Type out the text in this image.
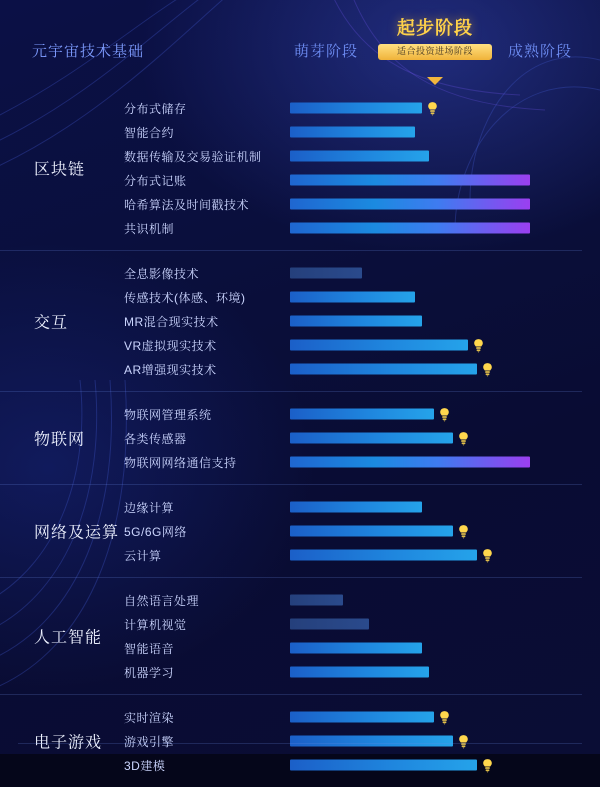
元宇宙技术基础	萌芽阶段
起步阶段
适合投资进场阶段	成熟阶段
区块链
分布式储存
智能合约
数据传输及交易验证机制
分布式记账
哈希算法及时间戳技术
共识机制
交互
全息影像技术
传感技术(体感、环境)
MR混合现实技术
VR虚拟现实技术
AR增强现实技术
物联网
物联网管理系统
各类传感器
物联网网络通信支持
网络及运算
边缘计算
5G/6G网络
云计算
人工智能
自然语言处理
计算机视觉
智能语音
机器学习
电子游戏
实时渲染
游戏引擎
3D建模
